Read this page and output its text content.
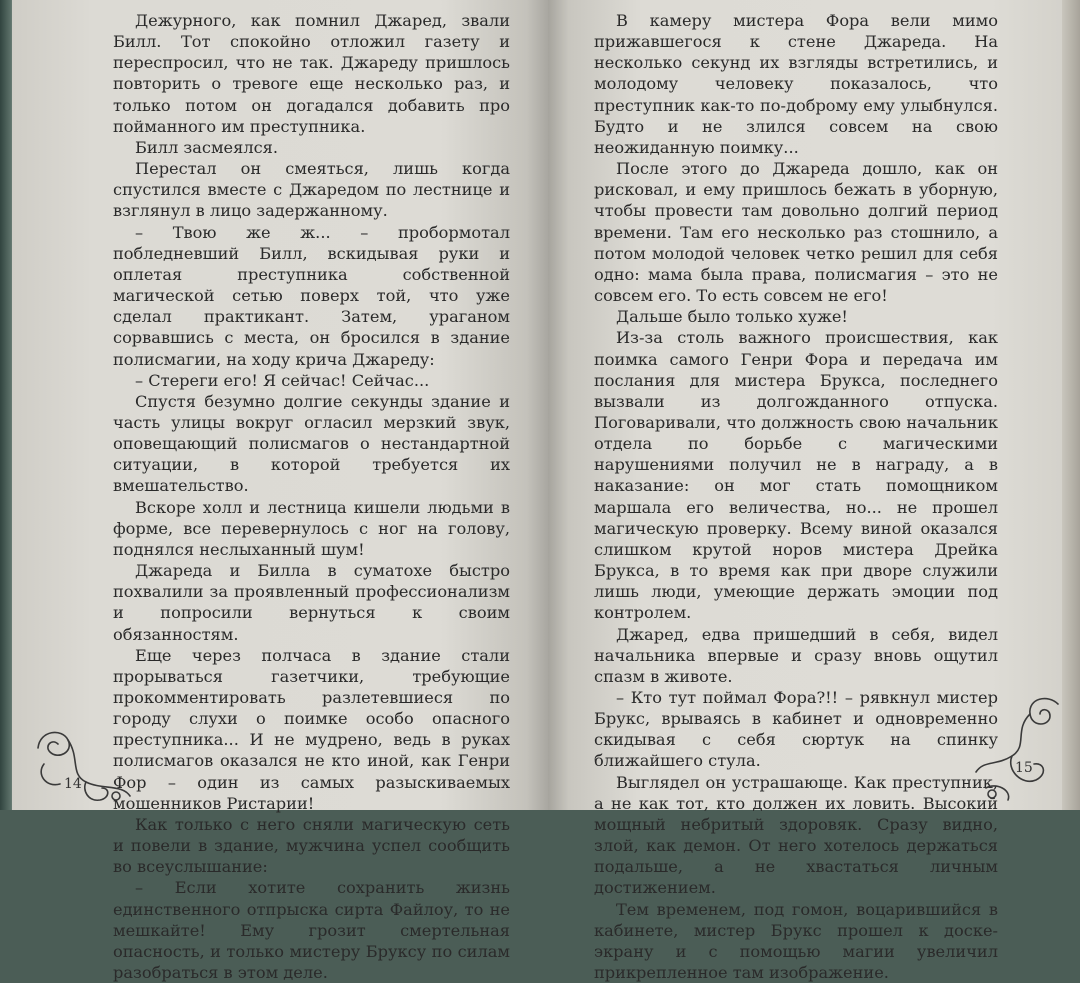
Дежурного, как помнил Джаред, звали Билл. Тот спокойно отложил газету и переспросил, что не так. Джареду пришлось повторить о тревоге еще несколько раз, и только потом он догадался добавить про пойманного им преступника.

Билл засмеялся.

Перестал он смеяться, лишь когда спустился вместе с Джаредом по лестнице и взглянул в лицо задержанному.

– Твою же ж... – пробормотал побледневший Билл, вскидывая руки и оплетая преступника собственной магической сетью поверх той, что уже сделал практикант. Затем, ураганом сорвавшись с места, он бросился в здание полисмагии, на ходу крича Джареду:

– Стереги его! Я сейчас! Сейчас...

Спустя безумно долгие секунды здание и часть улицы вокруг огласил мерзкий звук, оповещающий полисмагов о нестандартной ситуации, в которой требуется их вмешательство.

Вскоре холл и лестница кишели людьми в форме, все перевернулось с ног на голову, поднялся неслыханный шум!

Джареда и Билла в суматохе быстро похвалили за проявленный профессионализм и попросили вернуться к своим обязанностям.

Еще через полчаса в здание стали прорываться газетчики, требующие прокомментировать разлетевшиеся по городу слухи о поимке особо опасного преступника... И не мудрено, ведь в руках полисмагов оказался не кто иной, как Генри Фор – один из самых разыскиваемых мошенников Ристарии!

Как только с него сняли магическую сеть и повели в здание, мужчина успел сообщить во всеуслышание:

– Если хотите сохранить жизнь единственного отпрыска сирта Файлоу, то не мешкайте! Ему грозит смертельная опасность, и только мистеру Бруксу по силам разобраться в этом деле.

14

В камеру мистера Фора вели мимо прижавшегося к стене Джареда. На несколько секунд их взгляды встретились, и молодому человеку показалось, что преступник как-то по-доброму ему улыбнулся. Будто и не злился совсем на свою неожиданную поимку...

После этого до Джареда дошло, как он рисковал, и ему пришлось бежать в уборную, чтобы провести там довольно долгий период времени. Там его несколько раз стошнило, а потом молодой человек четко решил для себя одно: мама была права, полисмагия – это не совсем его. То есть совсем не его!

Дальше было только хуже!

Из-за столь важного происшествия, как поимка самого Генри Фора и передача им послания для мистера Брукса, последнего вызвали из долгожданного отпуска. Поговаривали, что должность свою начальник отдела по борьбе с магическими нарушениями получил не в награду, а в наказание: он мог стать помощником маршала его величества, но... не прошел магическую проверку. Всему виной оказался слишком крутой норов мистера Дрейка Брукса, в то время как при дворе служили лишь люди, умеющие держать эмоции под контролем.

Джаред, едва пришедший в себя, видел начальника впервые и сразу вновь ощутил спазм в животе.

– Кто тут поймал Фора?!! – рявкнул мистер Брукс, врываясь в кабинет и одновременно скидывая с себя сюртук на спинку ближайшего стула.

Выглядел он устрашающе. Как преступник, а не как тот, кто должен их ловить. Высокий мощный небритый здоровяк. Сразу видно, злой, как демон. От него хотелось держаться подальше, а не хвастаться личным достижением.

Тем временем, под гомон, воцарившийся в кабинете, мистер Брукс прошел к доске-экрану и с помощью магии увеличил прикрепленное там изображение.

15
